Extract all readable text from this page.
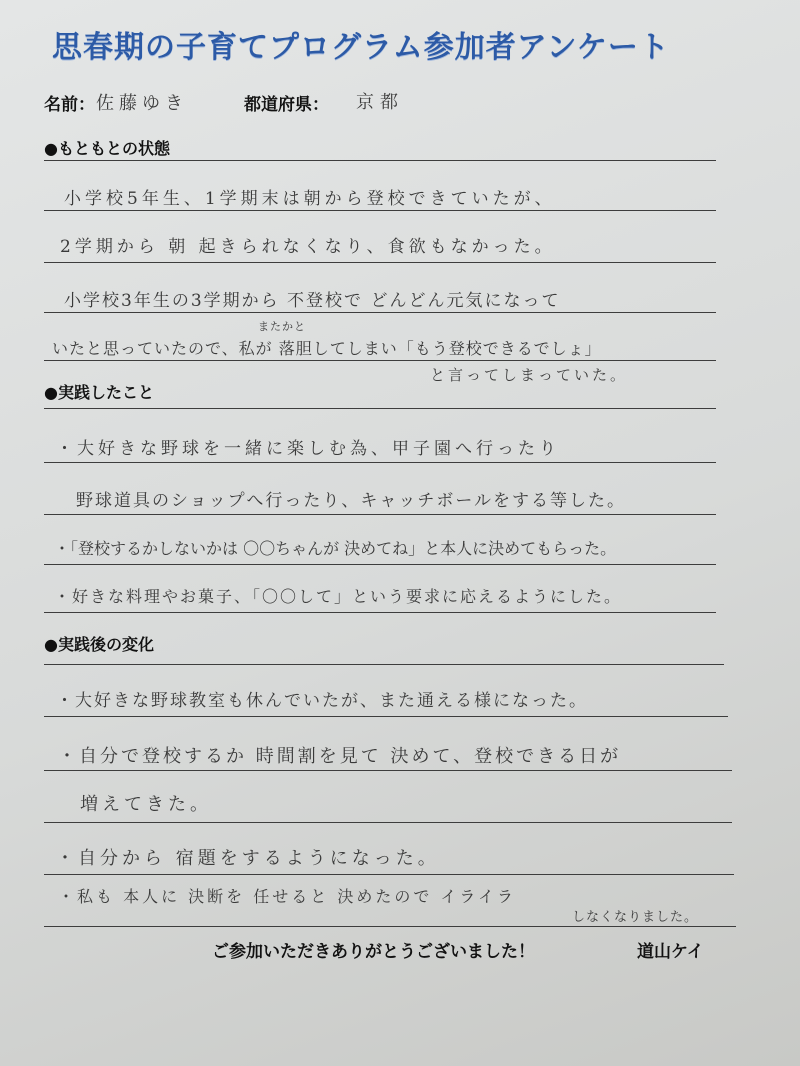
思春期の子育てプログラム参加者アンケート
名前： 佐藤ゆき	都道府県： 京都
●もともとの状態
小学校5年生、1学期末は朝から登校できていたが、
2学期から 朝 起きられなくなり、食欲もなかった。
小学校3年生の3学期から 不登校で どんどん元気になって
またかと
いたと思っていたので、私が 落胆してしまい「もう登校できるでしょ」
と言ってしまっていた。
●実践したこと
・大好きな野球を一緒に楽しむ為、甲子園へ行ったり
野球道具のショップへ行ったり、キャッチボールをする等した。
・「登校するかしないかは 〇〇ちゃんが 決めてね」と本人に決めてもらった。
・好きな料理やお菓子、「〇〇して」という要求に応えるようにした。
●実践後の変化
・大好きな野球教室も休んでいたが、また通える様になった。
・自分で登校するか 時間割を見て 決めて、登校できる日が
増えてきた。
・自分から 宿題をするようになった。
・私も 本人に 決断を 任せると 決めたので イライラ
しなくなりました。
ご参加いただきありがとうございました！	道山ケイ
